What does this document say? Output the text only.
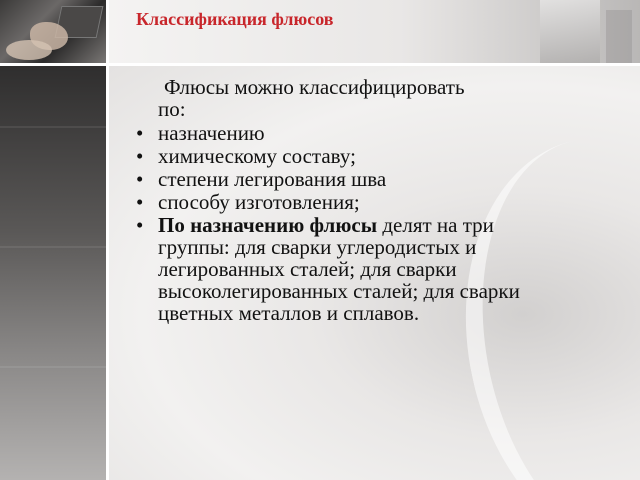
Классификация флюсов

Флюсы можно классифицировать
по:

• назначению
• химическому составу;
• степени легирования шва
• способу изготовления;
• По назначению флюсы делят на три группы: для сварки углеродистых и легированных сталей; для сварки высоколегированных сталей; для сварки цветных металлов и сплавов.
